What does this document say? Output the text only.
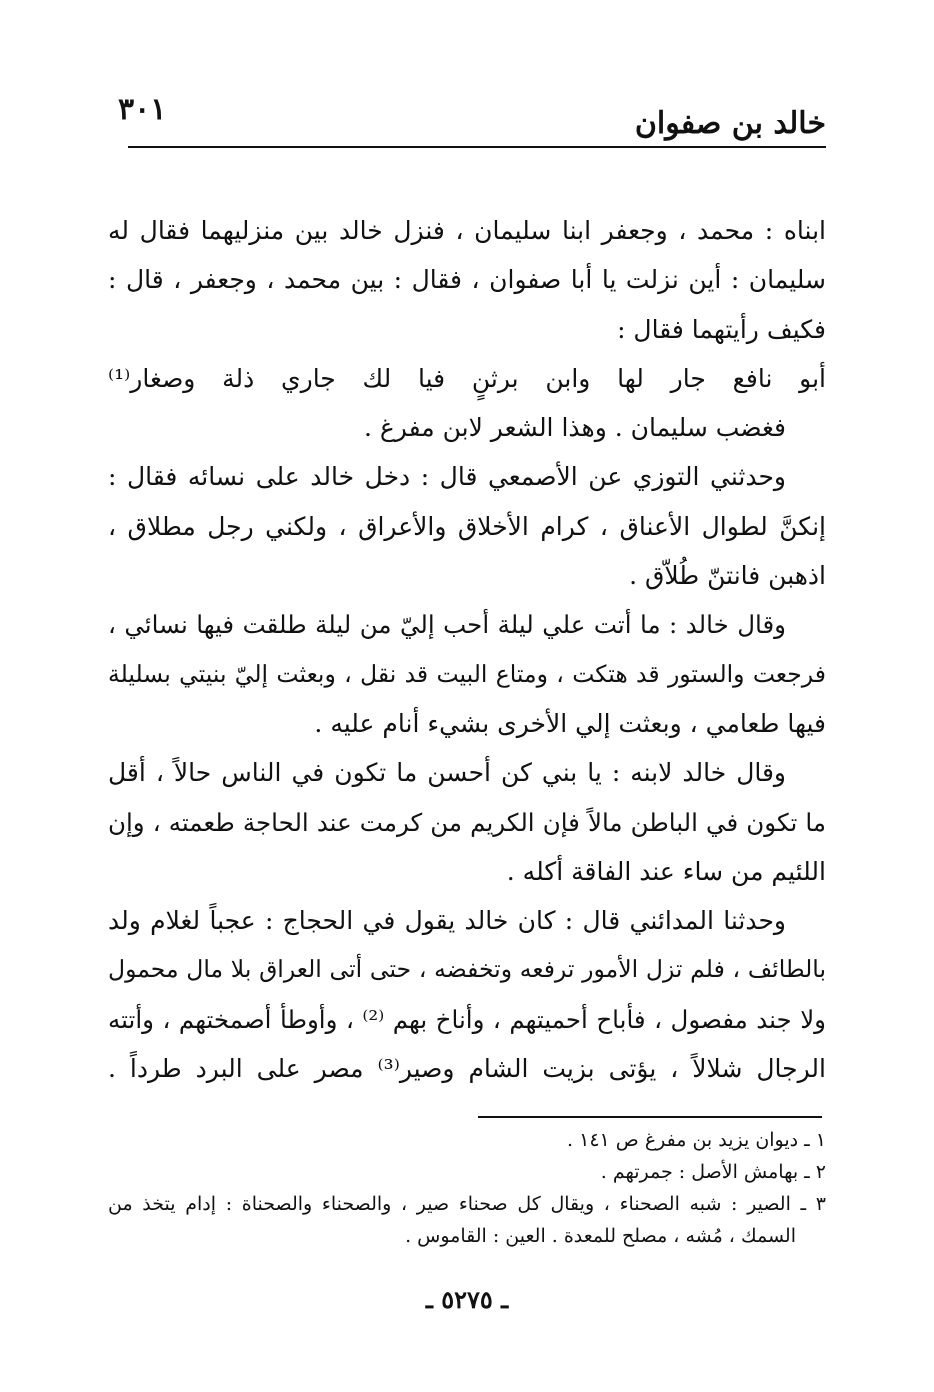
خالد بن صفوان
٣٠١
ابناه : محمد ، وجعفر ابنا سليمان ، فنزل خالد بين منزليهما فقال له
سليمان : أين نزلت يا أبا صفوان ، فقال : بين محمد ، وجعفر ، قال :
فكيف رأيتهما فقال :
أبو نافع جار لها وابن برثنٍ فيا لك جاري ذلة وصغار⁽¹⁾
فغضب سليمان . وهذا الشعر لابن مفرغ .
وحدثني التوزي عن الأصمعي قال : دخل خالد على نسائه فقال :
إنكنَّ لطوال الأعناق ، كرام الأخلاق والأعراق ، ولكني رجل مطلاق ،
اذهبن فانتنّ طُلاّق .
وقال خالد : ما أتت علي ليلة أحب إليّ من ليلة طلقت فيها نسائي ،
فرجعت والستور قد هتكت ، ومتاع البيت قد نقل ، وبعثت إليّ بنيتي بسليلة
فيها طعامي ، وبعثت إلي الأخرى بشيء أنام عليه .
وقال خالد لابنه : يا بني كن أحسن ما تكون في الناس حالاً ، أقل
ما تكون في الباطن مالاً فإن الكريم من كرمت عند الحاجة طعمته ، وإن
اللئيم من ساء عند الفاقة أكله .
وحدثنا المدائني قال : كان خالد يقول في الحجاج : عجباً لغلام ولد
بالطائف ، فلم تزل الأمور ترفعه وتخفضه ، حتى أتى العراق بلا مال محمول
ولا جند مفصول ، فأباح أحميتهم ، وأناخ بهم ⁽²⁾ ، وأوطأ أصمختهم ، وأتته
الرجال شلالاً ، يؤتى بزيت الشام وصير⁽³⁾ مصر على البرد طرداً .
١ ـ ديوان يزيد بن مفرغ ص ١٤١ .
٢ ـ بهامش الأصل : جمرتهم .
٣ ـ الصير : شبه الصحناء ، ويقال كل صحناء صير ، والصحناء والصحناة : إدام يتخذ من
السمك ، مُشه ، مصلح للمعدة . العين : القاموس .
ـ ٥٢٧٥ ـ
